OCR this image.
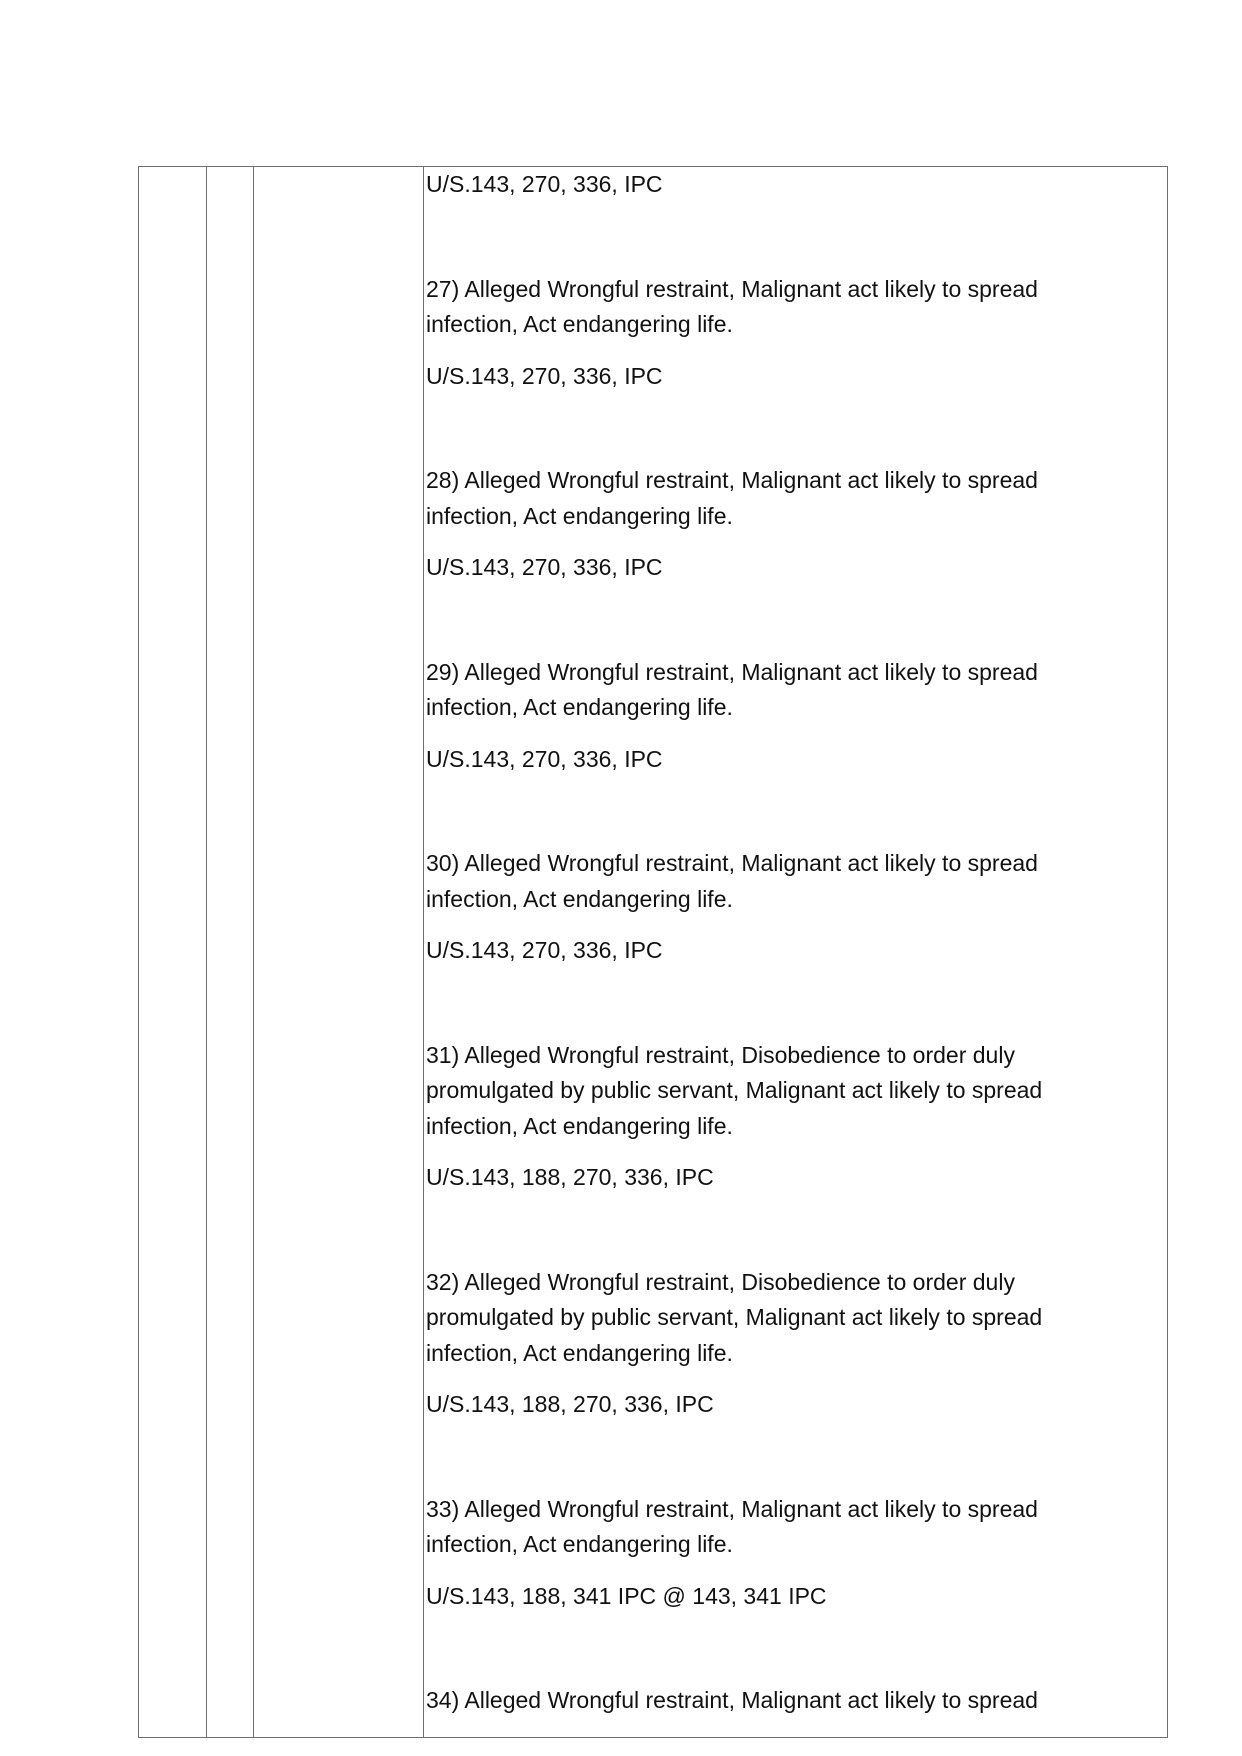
U/S.143, 270, 336, IPC

27) Alleged Wrongful restraint, Malignant act likely to spread infection, Act endangering life.

U/S.143, 270, 336, IPC

28) Alleged Wrongful restraint, Malignant act likely to spread infection, Act endangering life.

U/S.143, 270, 336, IPC

29) Alleged Wrongful restraint, Malignant act likely to spread infection, Act endangering life.

U/S.143, 270, 336, IPC

30) Alleged Wrongful restraint, Malignant act likely to spread infection, Act endangering life.

U/S.143, 270, 336, IPC

31) Alleged Wrongful restraint, Disobedience to order duly promulgated by public servant, Malignant act likely to spread infection, Act endangering life.

U/S.143, 188, 270, 336, IPC

32) Alleged Wrongful restraint, Disobedience to order duly promulgated by public servant, Malignant act likely to spread infection, Act endangering life.

U/S.143, 188, 270, 336, IPC

33) Alleged Wrongful restraint, Malignant act likely to spread infection, Act endangering life.

U/S.143, 188, 341 IPC @ 143, 341 IPC

34) Alleged Wrongful restraint, Malignant act likely to spread
